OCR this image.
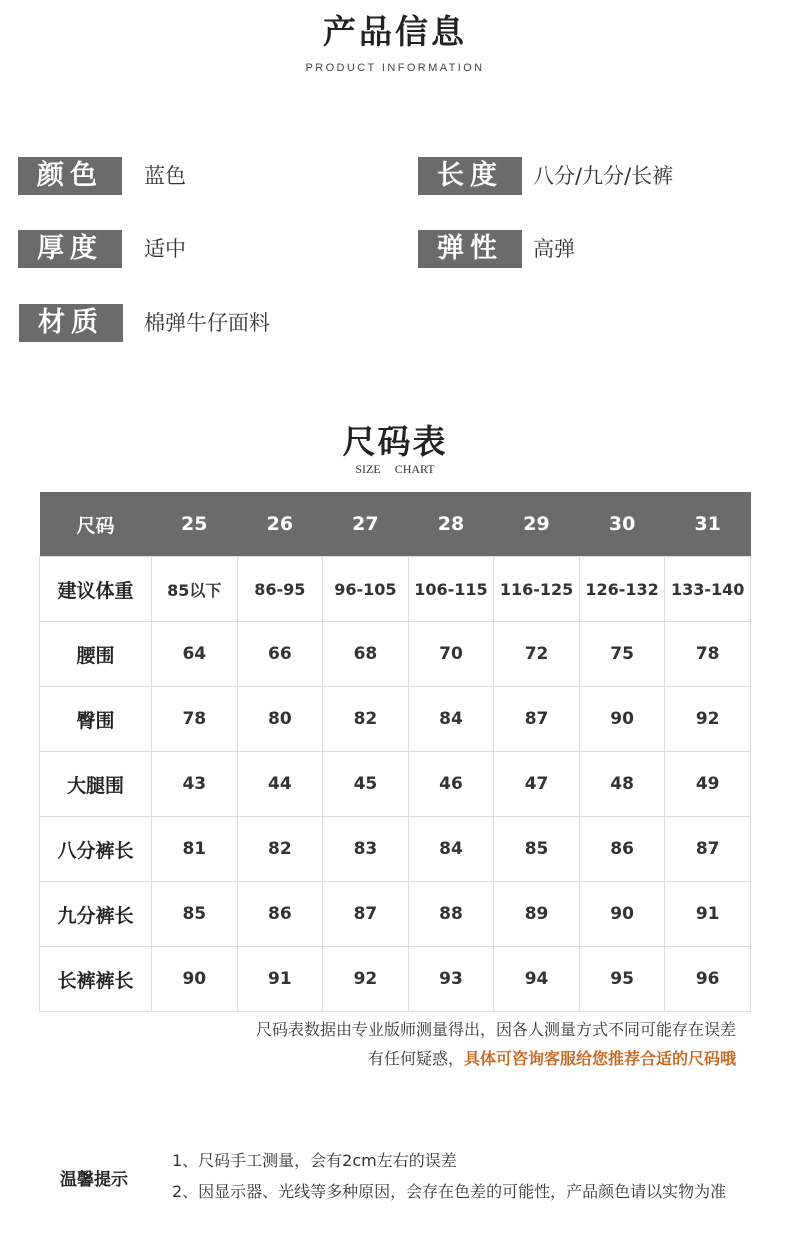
产品信息
PRODUCT INFORMATION
颜色	蓝色	长度	八分/九分/长裤
厚度	适中	弹性	高弹
材质	棉弹牛仔面料
尺码表
SIZE CHART
尺码	25	26	27	28	29	30	31
建议体重	85以下	86-95	96-105	106-115	116-125	126-132	133-140
腰围	64	66	68	70	72	75	78
臀围	78	80	82	84	87	90	92
大腿围	43	44	45	46	47	48	49
八分裤长	81	82	83	84	85	86	87
九分裤长	85	86	87	88	89	90	91
长裤裤长	90	91	92	93	94	95	96
尺码表数据由专业版师测量得出，因各人测量方式不同可能存在误差
有任何疑惑，具体可咨询客服给您推荐合适的尺码哦
温馨提示
1、尺码手工测量，会有2cm左右的误差
2、因显示器、光线等多种原因，会存在色差的可能性，产品颜色请以实物为准
